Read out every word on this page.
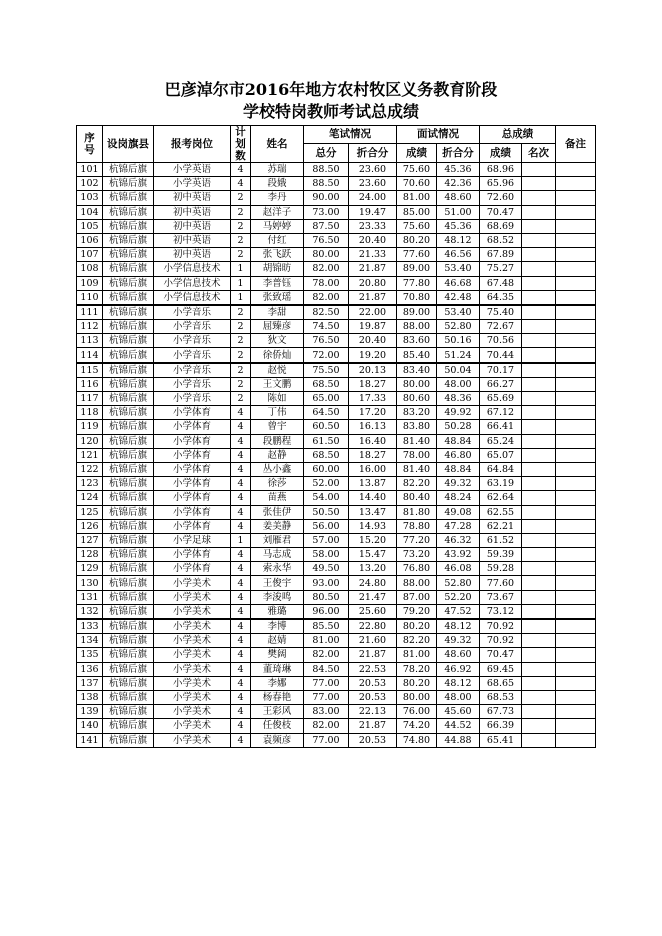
巴彦淖尔市2016年地方农村牧区义务教育阶段
学校特岗教师考试总成绩
序号	设岗旗县	报考岗位	计划数	姓名	笔试情况		面试情况		总成绩		备注
					总分	折合分	成绩	折合分	成绩	名次	
101	杭锦后旗	小学英语	4	苏瑞	88.50	23.60	75.60	45.36	68.96		
102	杭锦后旗	小学英语	4	段娥	88.50	23.60	70.60	42.36	65.96		
103	杭锦后旗	初中英语	2	李丹	90.00	24.00	81.00	48.60	72.60		
104	杭锦后旗	初中英语	2	赵洋子	73.00	19.47	85.00	51.00	70.47		
105	杭锦后旗	初中英语	2	马婷婷	87.50	23.33	75.60	45.36	68.69		
106	杭锦后旗	初中英语	2	付红	76.50	20.40	80.20	48.12	68.52		
107	杭锦后旗	初中英语	2	张飞跃	80.00	21.33	77.60	46.56	67.89		
108	杭锦后旗	小学信息技术	1	胡锦昉	82.00	21.87	89.00	53.40	75.27		
109	杭锦后旗	小学信息技术	1	李普钰	78.00	20.80	77.80	46.68	67.48		
110	杭锦后旗	小学信息技术	1	张致瑶	82.00	21.87	70.80	42.48	64.35		
111	杭锦后旗	小学音乐	2	李甜	82.50	22.00	89.00	53.40	75.40		
112	杭锦后旗	小学音乐	2	屈臻彦	74.50	19.87	88.00	52.80	72.67		
113	杭锦后旗	小学音乐	2	狄文	76.50	20.40	83.60	50.16	70.56		
114	杭锦后旗	小学音乐	2	徐侨灿	72.00	19.20	85.40	51.24	70.44		
115	杭锦后旗	小学音乐	2	赵悦	75.50	20.13	83.40	50.04	70.17		
116	杭锦后旗	小学音乐	2	王文鹏	68.50	18.27	80.00	48.00	66.27		
117	杭锦后旗	小学音乐	2	陈如	65.00	17.33	80.60	48.36	65.69		
118	杭锦后旗	小学体育	4	丁伟	64.50	17.20	83.20	49.92	67.12		
119	杭锦后旗	小学体育	4	曾宇	60.50	16.13	83.80	50.28	66.41		
120	杭锦后旗	小学体育	4	段鹏程	61.50	16.40	81.40	48.84	65.24		
121	杭锦后旗	小学体育	4	赵静	68.50	18.27	78.00	46.80	65.07		
122	杭锦后旗	小学体育	4	丛小鑫	60.00	16.00	81.40	48.84	64.84		
123	杭锦后旗	小学体育	4	徐莎	52.00	13.87	82.20	49.32	63.19		
124	杭锦后旗	小学体育	4	苗燕	54.00	14.40	80.40	48.24	62.64		
125	杭锦后旗	小学体育	4	张佳伊	50.50	13.47	81.80	49.08	62.55		
126	杭锦后旗	小学体育	4	姜美静	56.00	14.93	78.80	47.28	62.21		
127	杭锦后旗	小学足球	1	刘雁君	57.00	15.20	77.20	46.32	61.52		
128	杭锦后旗	小学体育	4	马志成	58.00	15.47	73.20	43.92	59.39		
129	杭锦后旗	小学体育	4	索永华	49.50	13.20	76.80	46.08	59.28		
130	杭锦后旗	小学美术	4	王俊宇	93.00	24.80	88.00	52.80	77.60		
131	杭锦后旗	小学美术	4	李浚鸣	80.50	21.47	87.00	52.20	73.67		
132	杭锦后旗	小学美术	4	雅璐	96.00	25.60	79.20	47.52	73.12		
133	杭锦后旗	小学美术	4	李博	85.50	22.80	80.20	48.12	70.92		
134	杭锦后旗	小学美术	4	赵婧	81.00	21.60	82.20	49.32	70.92		
135	杭锦后旗	小学美术	4	樊阔	82.00	21.87	81.00	48.60	70.47		
136	杭锦后旗	小学美术	4	董琦琳	84.50	22.53	78.20	46.92	69.45		
137	杭锦后旗	小学美术	4	李娜	77.00	20.53	80.20	48.12	68.65		
138	杭锦后旗	小学美术	4	杨春艳	77.00	20.53	80.00	48.00	68.53		
139	杭锦后旗	小学美术	4	王彩风	83.00	22.13	76.00	45.60	67.73		
140	杭锦后旗	小学美术	4	任俊枝	82.00	21.87	74.20	44.52	66.39		
141	杭锦后旗	小学美术	4	袁频彦	77.00	20.53	74.80	44.88	65.41		
